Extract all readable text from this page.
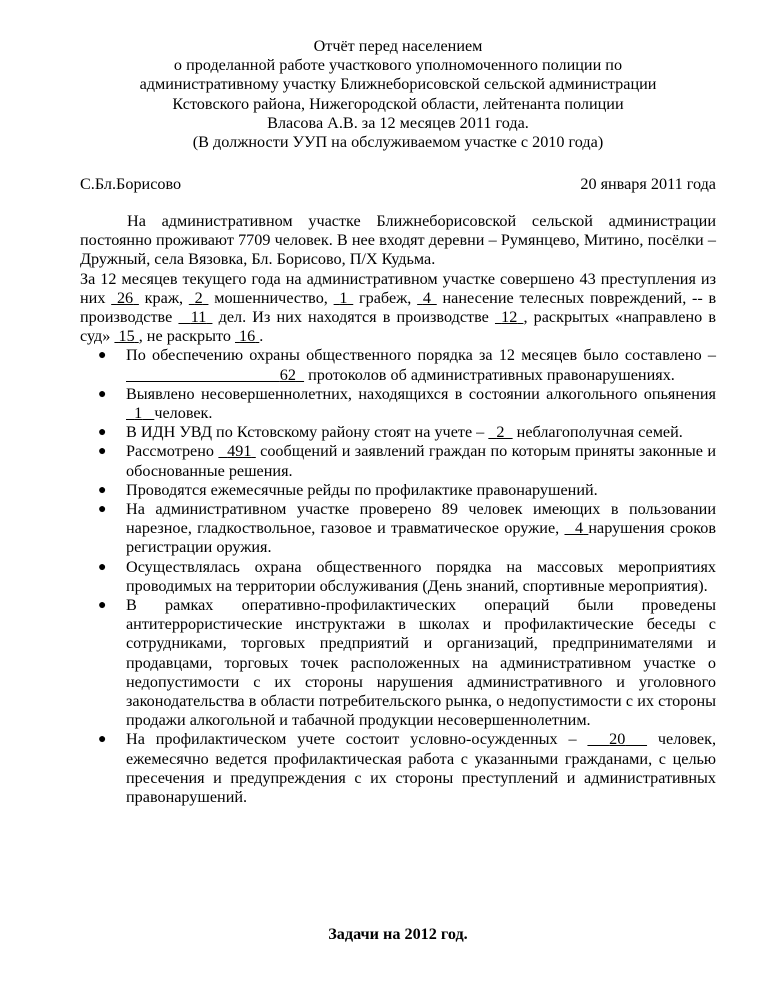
Отчёт перед населением
о проделанной работе участкового уполномоченного полиции по
административному участку Ближнеборисовской сельской администрации
Кстовского района, Нижегородской области, лейтенанта полиции
Власова А.В. за 12 месяцев 2011 года.
(В должности УУП на обслуживаемом участке с 2010 года)
С.Бл.Борисово	20 января 2011 года

На административном участке Ближнеборисовской сельской администрации постоянно проживают 7709 человек. В нее входят деревни – Румянцево, Митино, посёлки – Дружный, села Вязовка, Бл. Борисово, П/Х Кудьма.

За 12 месяцев текущего года на административном участке совершено 43 преступления из них 26 краж, 2 мошенничество, 1 грабеж, 4 нанесение телесных повреждений, -- в производстве 11 дел. Из них находятся в производстве 12 , раскрытых «направлено в суд» 15 , не раскрыто 16 .

● По обеспечению охраны общественного порядка за 12 месяцев было составлено –                                      62 протоколов об административных правонарушениях.
● Выявлено несовершеннолетних, находящихся в состоянии алкогольного опьянения   1 человек.
● В ИДН УВД по Кстовскому району стоят на учете – 2 неблагополучная семей.
● Рассмотрено 491 сообщений и заявлений граждан по которым приняты законные и обоснованные решения.
● Проводятся ежемесячные рейды по профилактике правонарушений.
● На административном участке проверено 89 человек имеющих в пользовании нарезное, гладкоствольное, газовое и травматическое оружие, 4 нарушения сроков регистрации оружия.
● Осуществлялась охрана общественного порядка на массовых мероприятиях проводимых на территории обслуживания (День знаний, спортивные мероприятия).
● В рамках оперативно-профилактических операций были проведены антитеррористические инструктажи в школах и профилактические беседы с сотрудниками, торговых предприятий и организаций, предпринимателями и продавцами, торговых точек расположенных на административном участке о недопустимости с их стороны нарушения административного и уголовного законодательства в области потребительского рынка, о недопустимости с их стороны продажи алкогольной и табачной продукции несовершеннолетним.
● На профилактическом учете состоит условно-осужденных – 20 человек, ежемесячно ведется профилактическая работа с указанными гражданами, с целью пресечения и предупреждения с их стороны преступлений и административных правонарушений.
Задачи на 2012 год.
